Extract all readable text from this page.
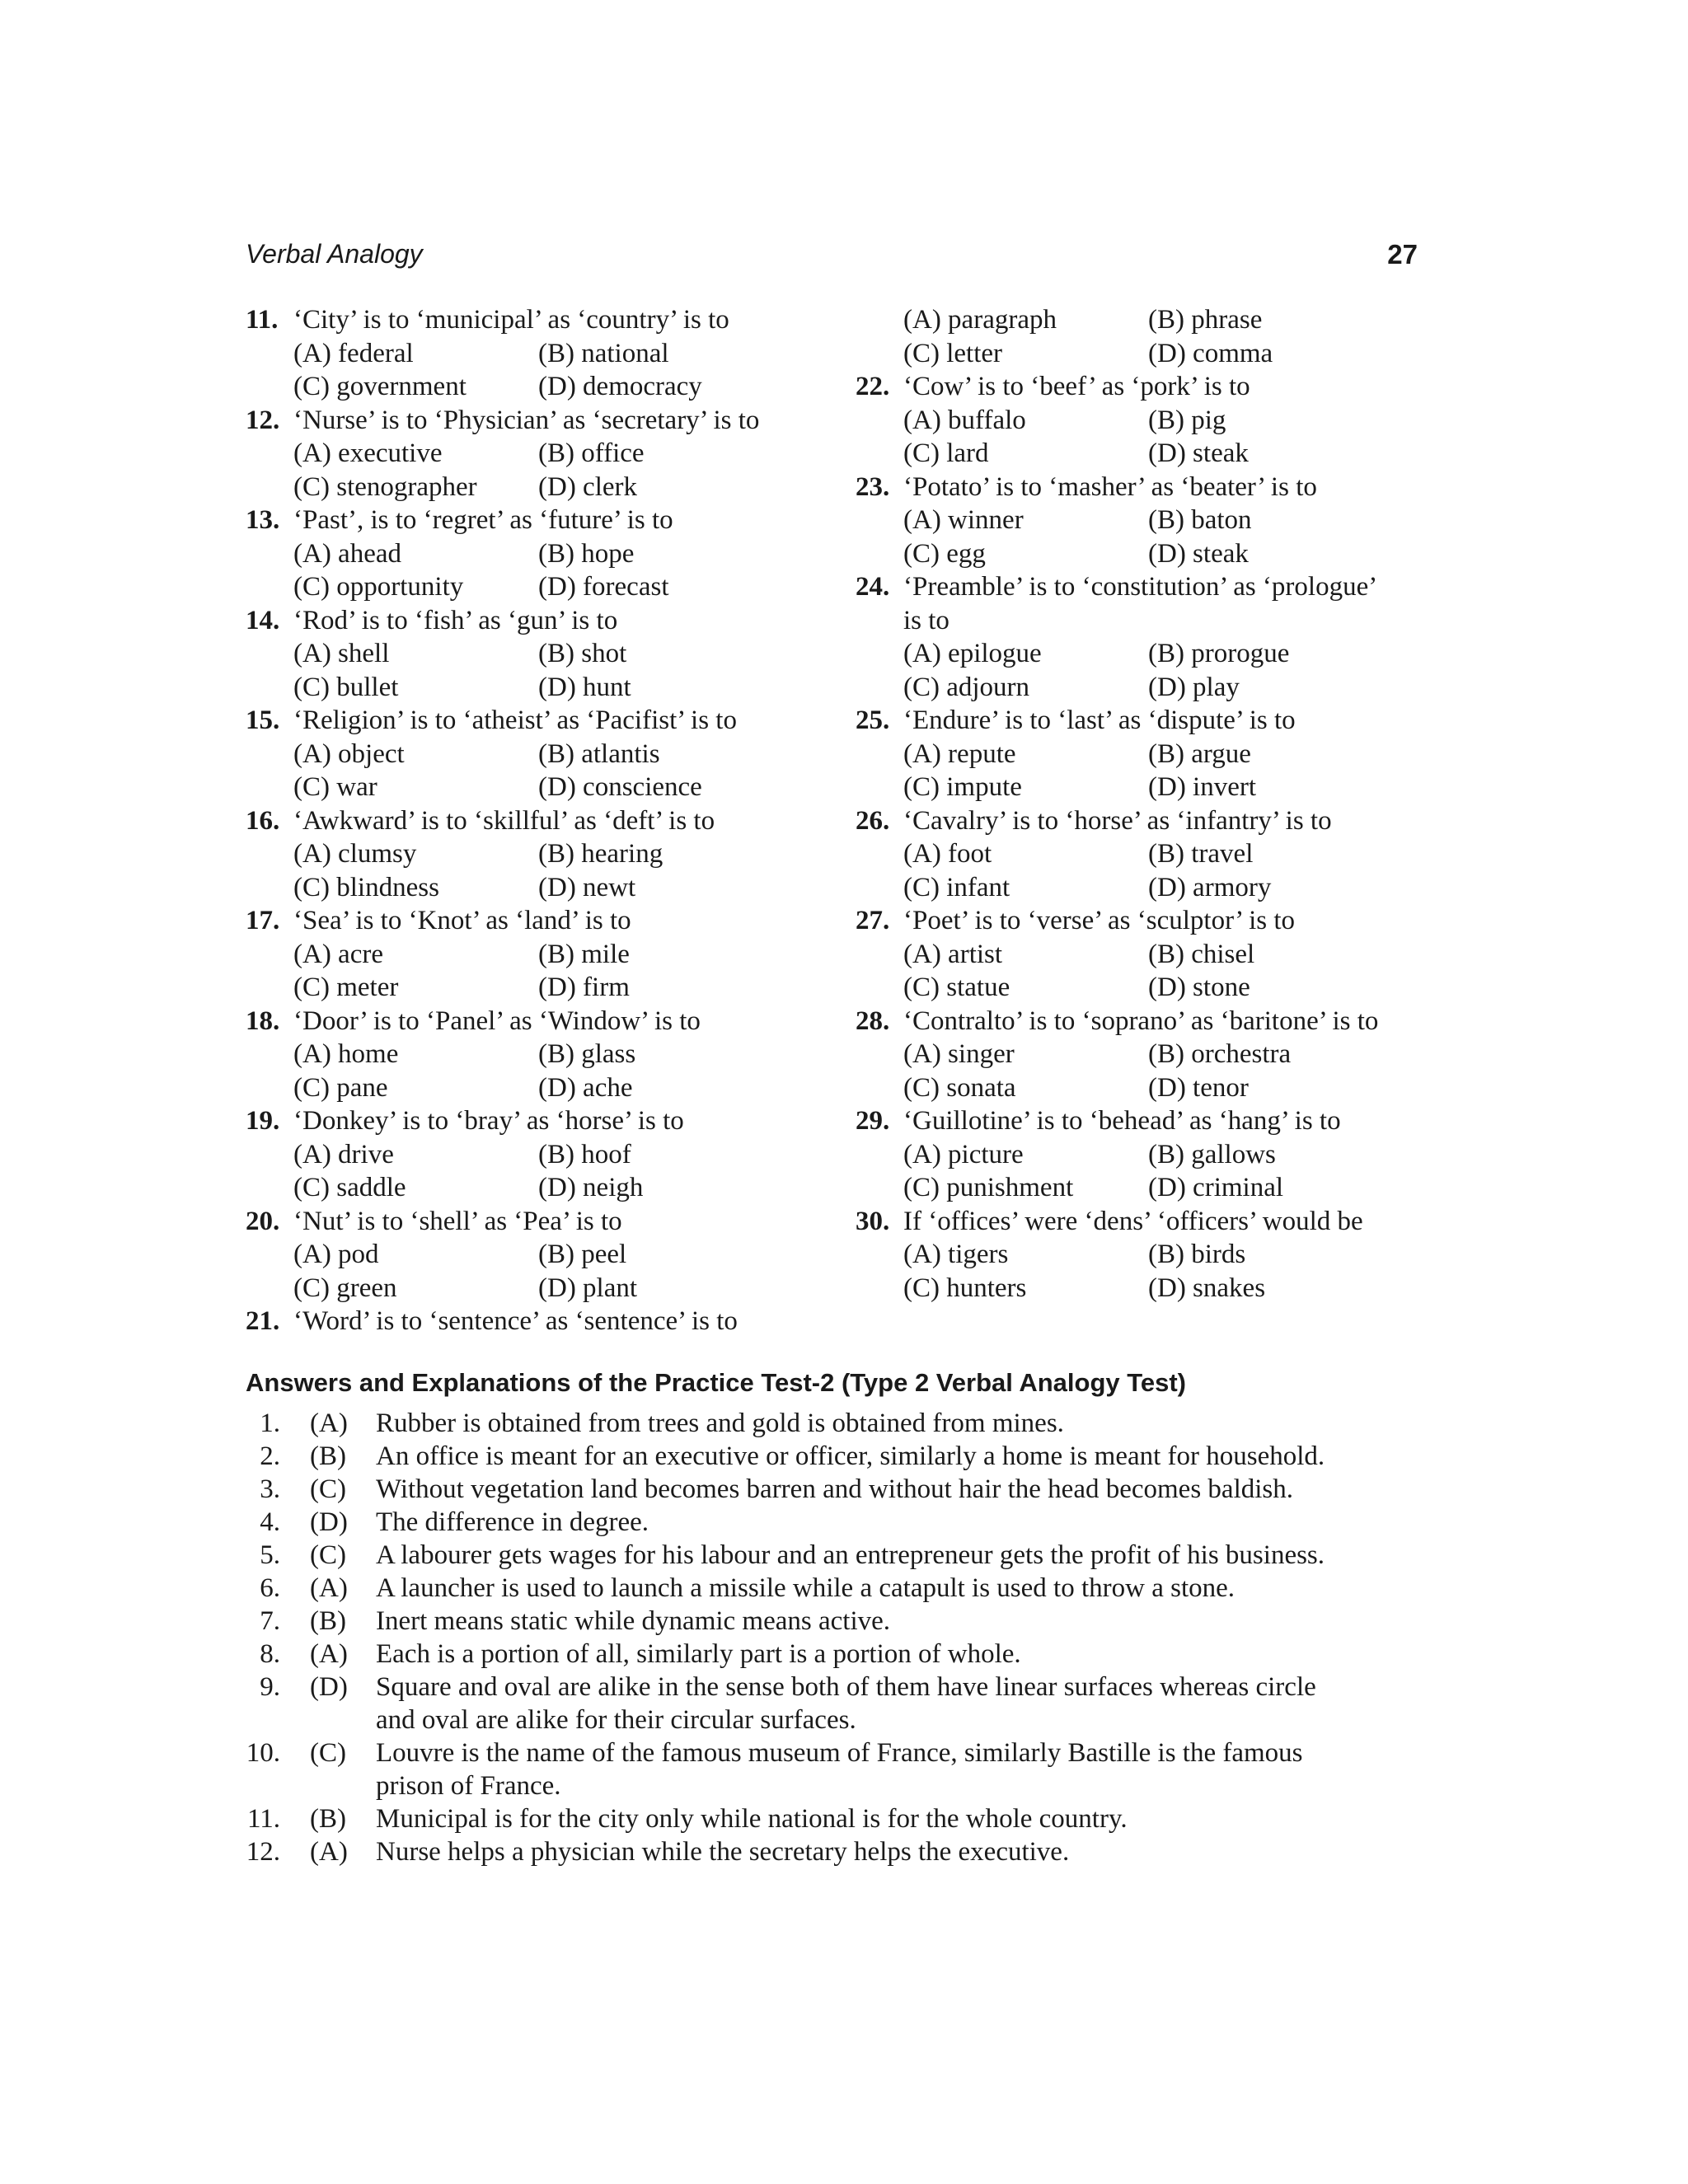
Verbal Analogy	27
11. ‘City’ is to ‘municipal’ as ‘country’ is to
(A) federal	(B) national
(C) government	(D) democracy
12. ‘Nurse’ is to ‘Physician’ as ‘secretary’ is to
(A) executive	(B) office
(C) stenographer (D) clerk
13. ‘Past’, is to ‘regret’ as ‘future’ is to
(A) ahead	(B) hope
(C) opportunity	(D) forecast
14. ‘Rod’ is to ‘fish’ as ‘gun’ is to
(A) shell	(B) shot
(C) bullet	(D) hunt
15. ‘Religion’ is to ‘atheist’ as ‘Pacifist’ is to
(A) object	(B) atlantis
(C) war	(D) conscience
16. ‘Awkward’ is to ‘skillful’ as ‘deft’ is to
(A) clumsy	(B) hearing
(C) blindness	(D) newt
17. ‘Sea’ is to ‘Knot’ as ‘land’ is to
(A) acre	(B) mile
(C) meter	(D) firm
18. ‘Door’ is to ‘Panel’ as ‘Window’ is to
(A) home	(B) glass
(C) pane	(D) ache
19. ‘Donkey’ is to ‘bray’ as ‘horse’ is to
(A) drive	(B) hoof
(C) saddle	(D) neigh
20. ‘Nut’ is to ‘shell’ as ‘Pea’ is to
(A) pod	(B) peel
(C) green	(D) plant
21. ‘Word’ is to ‘sentence’ as ‘sentence’ is to
(A) paragraph	(B) phrase
(C) letter	(D) comma
22. ‘Cow’ is to ‘beef’ as ‘pork’ is to
(A) buffalo	(B) pig
(C) lard	(D) steak
23. ‘Potato’ is to ‘masher’ as ‘beater’ is to
(A) winner	(B) baton
(C) egg	(D) steak
24. ‘Preamble’ is to ‘constitution’ as ‘prologue’
is to
(A) epilogue	(B) prorogue
(C) adjourn	(D) play
25. ‘Endure’ is to ‘last’ as ‘dispute’ is to
(A) repute	(B) argue
(C) impute	(D) invert
26. ‘Cavalry’ is to ‘horse’ as ‘infantry’ is to
(A) foot	(B) travel
(C) infant	(D) armory
27. ‘Poet’ is to ‘verse’ as ‘sculptor’ is to
(A) artist	(B) chisel
(C) statue	(D) stone
28. ‘Contralto’ is to ‘soprano’ as ‘baritone’ is to
(A) singer	(B) orchestra
(C) sonata	(D) tenor
29. ‘Guillotine’ is to ‘behead’ as ‘hang’ is to
(A) picture	(B) gallows
(C) punishment	(D) criminal
30. If ‘offices’ were ‘dens’ ‘officers’ would be
(A) tigers	(B) birds
(C) hunters	(D) snakes
Answers and Explanations of the Practice Test-2 (Type 2 Verbal Analogy Test)
1. (A) Rubber is obtained from trees and gold is obtained from mines.
2. (B) An office is meant for an executive or officer, similarly a home is meant for household.
3. (C) Without vegetation land becomes barren and without hair the head becomes baldish.
4. (D) The difference in degree.
5. (C) A labourer gets wages for his labour and an entrepreneur gets the profit of his business.
6. (A) A launcher is used to launch a missile while a catapult is used to throw a stone.
7. (B) Inert means static while dynamic means active.
8. (A) Each is a portion of all, similarly part is a portion of whole.
9. (D) Square and oval are alike in the sense both of them have linear surfaces whereas circle
and oval are alike for their circular surfaces.
10. (C) Louvre is the name of the famous museum of France, similarly Bastille is the famous
prison of France.
11. (B) Municipal is for the city only while national is for the whole country.
12. (A) Nurse helps a physician while the secretary helps the executive.
